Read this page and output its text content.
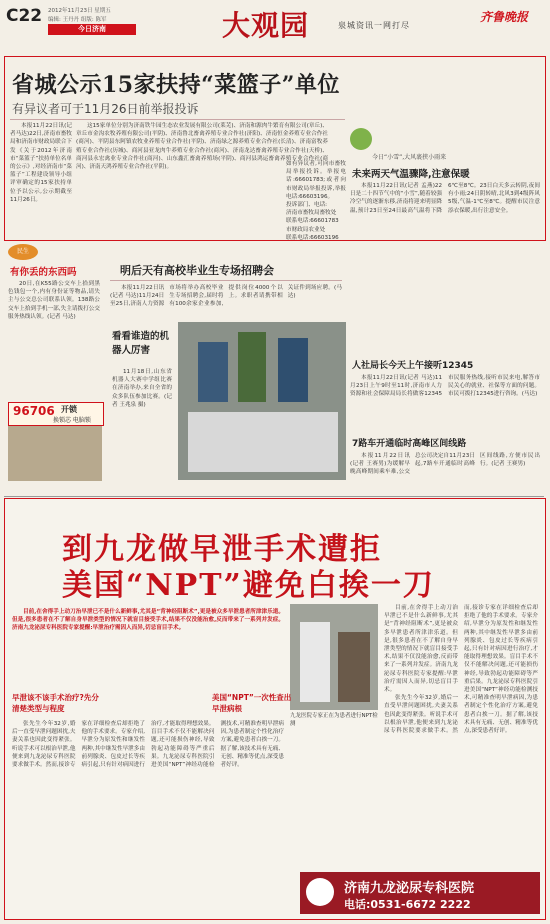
C22 2012年11月23日 星期五
编辑: 王丹丹 组版: 陈军
今日济南	大观园	泉城资讯一网打尽
齐鲁晚报
省城公示15家扶持“菜篮子”单位
有异议者可于11月26日前举报投诉

本报11月22日讯(记者马达)22日,济南市畜牧局和济南市财政局联合下发《关于2012年济南市“菜篮子”扶持单位名单的公示》,对经济南市“菜篮子”工程建设领导小组评审确定的15家扶持单位予以公示,公示期截至11月26日。

这15家单位分别为济南铁牛园生态农业发展有限公司(莱芜)、济南和源肉牛繁育有限公司(章丘)、章丘市金沟农牧养殖有限公司(平阴)、济南鲁北畜禽养殖专业合作社(济阳)、济南恒金养殖专业合作社(商河)、平阴县东阿镇农牧业养殖专业合作社(平阴)、济南绿之源养殖专业合作社(长清)、济南富牧养殖专业合作社(历城)、商河县亚龙肉牛养殖专业合作社(商河)、济南龙达畜禽养殖专业合作社(天桥)、商河县永宏禽业专业合作社(商河)、山东鑫汇畜禽养殖场(平阴)、商河县鸿运畜禽养殖专业合作社(商河)、济南天鸿养殖专业合作社(平阴)。

如有异议者,可向市畜牧局举报投诉。举报电话:66601783;或者向市财政局举报投诉,举报电话:66603196。
投诉部门、电话:
济南市畜牧局畜牧处
联系电话:66601783
市财政局农业处
联系电话:66603196
今日“小雪”,大风裹挟小雨来
未来两天气温骤降,注意保暖

本报11月22日讯(记者 孟燕)22日是二十四节气中的“小雪”,随着较强冷空气的逐渐东移,济南将迎来明显降温,预计23日至24日最高气温将下降6℃至8℃。23日白天多云转阴,夜间有小雨;24日阴转晴,北风3到4级阵风5级,气温-1℃至8℃。提醒市民注意添衣保暖,出行注意安全。

民生
有你丢的东西吗

20日,在K55路公交车上拾到黑色钱包一个,内有身份证等物品,请失主与公交总公司联系认领。138路公交车上拾到手机一部,失主请拨打公交服务热线认领。(记者 马达)

96706 开锁
换锁芯 电脑锁
明后天有高校毕业生专场招聘会

本报11月22日讯(记者 马达)11月24日至25日,济南人力资源市场将举办高校毕业生专场招聘会,届时将有100余家企业参加,提供岗位4000个以上。求职者请携带相关证件到场应聘。(马达)

看看谁造的机器人厉害

11月18日,山东省机器人大赛中学组比赛在济南举办,来自全省的众多队伍参加比赛。(记者 王兆泉 摄)

人社局长今天上午接听12345

本报11月22日讯(记者 马达)11月23日上午9时至11时,济南市人力资源和社会保障局局长将做客12345市民服务热线,接听市民来电,解答市民关心的就业、社保等方面的问题。市民可拨打12345进行咨询。(马达)

7路车开通临时高峰区间线路

本报11月22日讯(记者 王赛男)为缓解早晚高峰期间乘车难,公交总公司决定自11月23日起,7路车开通临时高峰区间线路,方便市民出行。(记者 王赛男)

到九龙做早泄手术遭拒
美国“NPT”避免白挨一刀

目前,在舍得手上动刀治早泄已不是什么新鲜事,尤其是“背神经阻断术”,更是被众多早泄患者所津津乐道。但是,很多患者在不了解自身早泄类型的情况下就盲目接受手术,结果不仅没能治愈,反而带来了一系列并发症。济南九龙泌尿专科医院专家提醒:早泄治疗需因人而异,切忌盲目手术。

九龙医院专家正在为患者进行NPT检测
早泄该不该手术治疗?先分清楚类型与程度
美国“NPT”一次性查出早泄病根

张先生今年32岁,婚后一直受早泄问题困扰,夫妻关系也因此变得紧张。听说手术可以根治早泄,他便来到九龙泌尿专科医院要求做手术。然而,接诊专家在详细检查后却拒绝了他的手术要求。专家介绍,早泄分为原发性和继发性两种,其中继发性早泄多由前列腺炎、包皮过长等疾病引起,只有针对病因进行治疗,才能取得理想效果。盲目手术不仅不能解决问题,还可能损伤神经,导致勃起功能障碍等严重后果。九龙泌尿专科医院引进美国“NPT”神经功能检测技术,可精准查明早泄病因,为患者制定个性化治疗方案,避免患者白挨一刀。据了解,该技术具有无痛、无创、精准等优点,深受患者好评。

目前,在舍得手上动刀治早泄已不是什么新鲜事,尤其是“背神经阻断术”,更是被众多早泄患者所津津乐道。但是,很多患者在不了解自身早泄类型的情况下就盲目接受手术,结果不仅没能治愈,反而带来了一系列并发症。济南九龙泌尿专科医院专家提醒:早泄治疗需因人而异,切忌盲目手术。

张先生今年32岁,婚后一直受早泄问题困扰,夫妻关系也因此变得紧张。听说手术可以根治早泄,他便来到九龙泌尿专科医院要求做手术。然而,接诊专家在详细检查后却拒绝了他的手术要求。专家介绍,早泄分为原发性和继发性两种,其中继发性早泄多由前列腺炎、包皮过长等疾病引起,只有针对病因进行治疗,才能取得理想效果。盲目手术不仅不能解决问题,还可能损伤神经,导致勃起功能障碍等严重后果。九龙泌尿专科医院引进美国“NPT”神经功能检测技术,可精准查明早泄病因,为患者制定个性化治疗方案,避免患者白挨一刀。据了解,该技术具有无痛、无创、精准等优点,深受患者好评。

济南九龙泌尿专科医院
电话:0531-6672 2222
